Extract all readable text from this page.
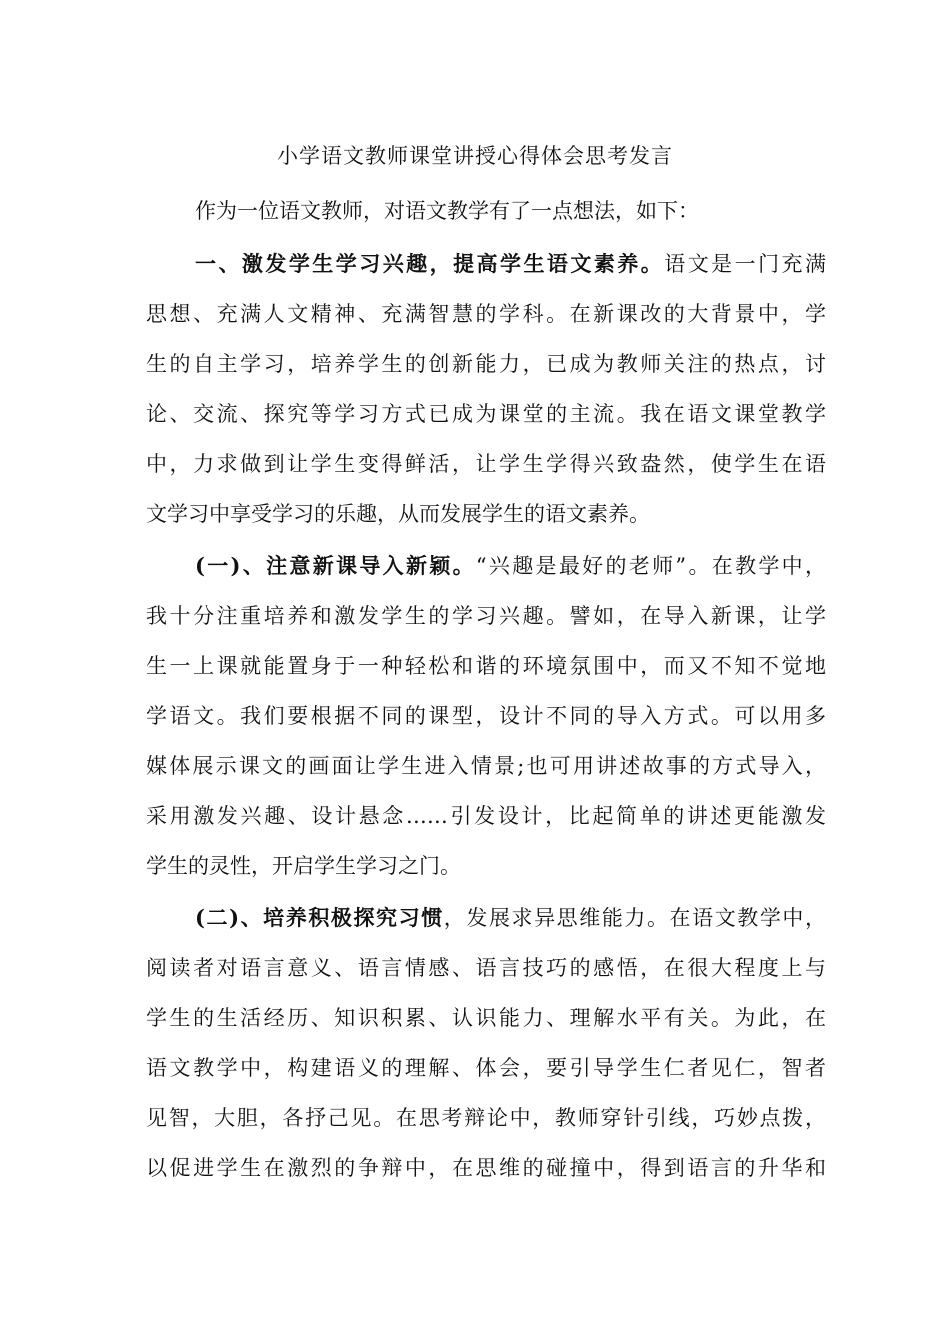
小学语文教师课堂讲授心得体会思考发言
作为一位语文教师，对语文教学有了一点想法，如下：
一、激发学生学习兴趣，提高学生语文素养。语文是一门充满
思想、充满人文精神、充满智慧的学科。在新课改的大背景中，学
生的自主学习，培养学生的创新能力，已成为教师关注的热点，讨
论、交流、探究等学习方式已成为课堂的主流。我在语文课堂教学
中，力求做到让学生变得鲜活，让学生学得兴致盎然，使学生在语
文学习中享受学习的乐趣，从而发展学生的语文素养。
(一)、注意新课导入新颖。“兴趣是最好的老师”。在教学中，
我十分注重培养和激发学生的学习兴趣。譬如，在导入新课，让学
生一上课就能置身于一种轻松和谐的环境氛围中，而又不知不觉地
学语文。我们要根据不同的课型，设计不同的导入方式。可以用多
媒体展示课文的画面让学生进入情景;也可用讲述故事的方式导入，
采用激发兴趣、设计悬念……引发设计，比起简单的讲述更能激发
学生的灵性，开启学生学习之门。
(二)、培养积极探究习惯，发展求异思维能力。在语文教学中，
阅读者对语言意义、语言情感、语言技巧的感悟，在很大程度上与
学生的生活经历、知识积累、认识能力、理解水平有关。为此，在
语文教学中，构建语义的理解、体会，要引导学生仁者见仁，智者
见智，大胆，各抒己见。在思考辩论中，教师穿针引线，巧妙点拨，
以促进学生在激烈的争辩中，在思维的碰撞中，得到语言的升华和
